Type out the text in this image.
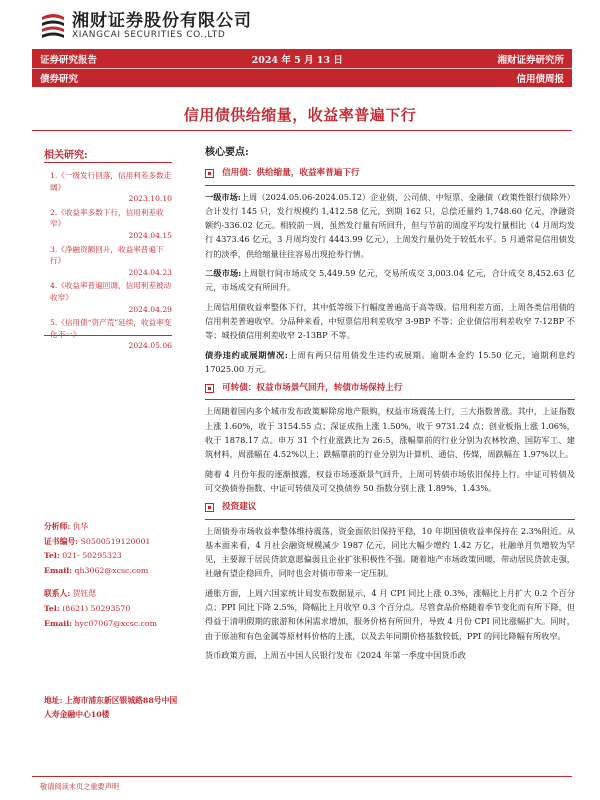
湘财证券股份有限公司
XIANGCAI SECURITIES CO.,LTD
证券研究报告	2024 年 5 月 13 日	湘财证券研究所
债券研究	信用债周报
信用债供给缩量，收益率普遍下行
相关研究:
1.《一级发行回落，信用利差多数走阔》
2023.10.10
2.《收益率多数下行，信用利差收窄》
2024.04.15
3.《净融资额回升，收益率普遍下行》
2024.04.23
4.《收益率普遍回调，信用利差被动收窄》
2024.04.29
5.《信用债“资产荒”延续，收益率变
2024.05.06
分析师: 仇华
证书编号: S0500519120001
Tel: 021- 50295323
Email: qh3062@xcsc.com
联系人: 贺钰偲
Tel: (8621) 50293570
Email: hyc07067@xcsc.com
地址: 上海市浦东新区银城路88号中国人寿金融中心10楼
核心要点:
信用债：供给缩量，收益率普遍下行

一级市场:上周（2024.05.06-2024.05.12）企业债、公司债、中短票、金融债（政策性银行债除外）合计发行 145 只，发行规模约 1,412.58 亿元，到期 162 只，总偿还量约 1,748.60 亿元，净融资额约-336.02 亿元。相较前一周，虽然发行量有所回升，但与节前的周度平均发行量相比（4 月周均发行 4373.46 亿元，3 月周均发行 4443.99 亿元），上周发行量仍处于较低水平。5 月通常是信用债发行的淡季，供给缩量往往容易出现抢券行情。

二级市场:上周银行间市场成交 5,449.59 亿元，交易所成交 3,003.04 亿元，合计成交 8,452.63 亿元，市场成交有所回升。

上周信用债收益率整体下行，其中低等级下行幅度普遍高于高等级。信用利差方面，上周各类信用债的信用利差普遍收窄。分品种来看，中短票信用利差收窄 3-9BP 不等；企业债信用利差收窄 7-12BP 不等；城投债信用利差收窄 2-13BP 不等。

债券违约或展期情况:上周有两只信用债发生违约或展期。逾期本金约 15.50 亿元，逾期利息约 17025.00 万元。

可转债：权益市场景气回升，转债市场保持上行

上周随着国内多个城市发布政策解除房地产限购，权益市场震荡上行，三大指数普涨。其中，上证指数上涨 1.60%，收于 3154.55 点；深证成指上涨 1.50%，收于 9731.24 点；创业板指上涨 1.06%，收于 1878.17 点。申万 31 个行业涨跌比为 26:5，涨幅靠前的行业分别为农林牧渔、国防军工、建筑材料，周涨幅在 4.52%以上；跌幅靠前的行业分别为计算机、通信、传媒，周跌幅在 1.97%以上。

随着 4 月份年报的逐渐披露，权益市场逐渐景气回升，上周可转债市场依旧保持上行。中证可转债及可交换债券指数、中证可转债及可交换债券 50 指数分别上涨 1.89%、1.43%。

投资建议

上周债券市场收益率整体维持震荡，资金面依旧保持平稳，10 年期国债收益率保持在 2.3%附近。从基本面来看，4 月社会融资规模减少 1987 亿元，同比大幅少增约 1.42 万亿，社融单月负增较为罕见，主要源于居民贷款意愿偏弱且企业扩张积极性不强。随着地产市场政策回暖，带动居民贷款走强，社融有望企稳回升，同时也会对债市带来一定压制。

通胀方面，上周六国家统计局发布数据显示，4 月 CPI 同比上涨 0.3%，涨幅比上月扩大 0.2 个百分点；PPI 同比下降 2.5%，降幅比上月收窄 0.3 个百分点。尽管食品价格随着季节变化而有所下降，但得益于清明假期的旅游和休闲需求增加，服务价格有所回升，导致 4 月份 CPI 同比涨幅扩大。同时，由于原油和有色金属等原材料价格的上涨，以及去年同期价格基数较低，PPI 的同比降幅有所收窄。

货币政策方面，上周五中国人民银行发布《2024 年第一季度中国货币政

敬请阅读末页之重要声明
